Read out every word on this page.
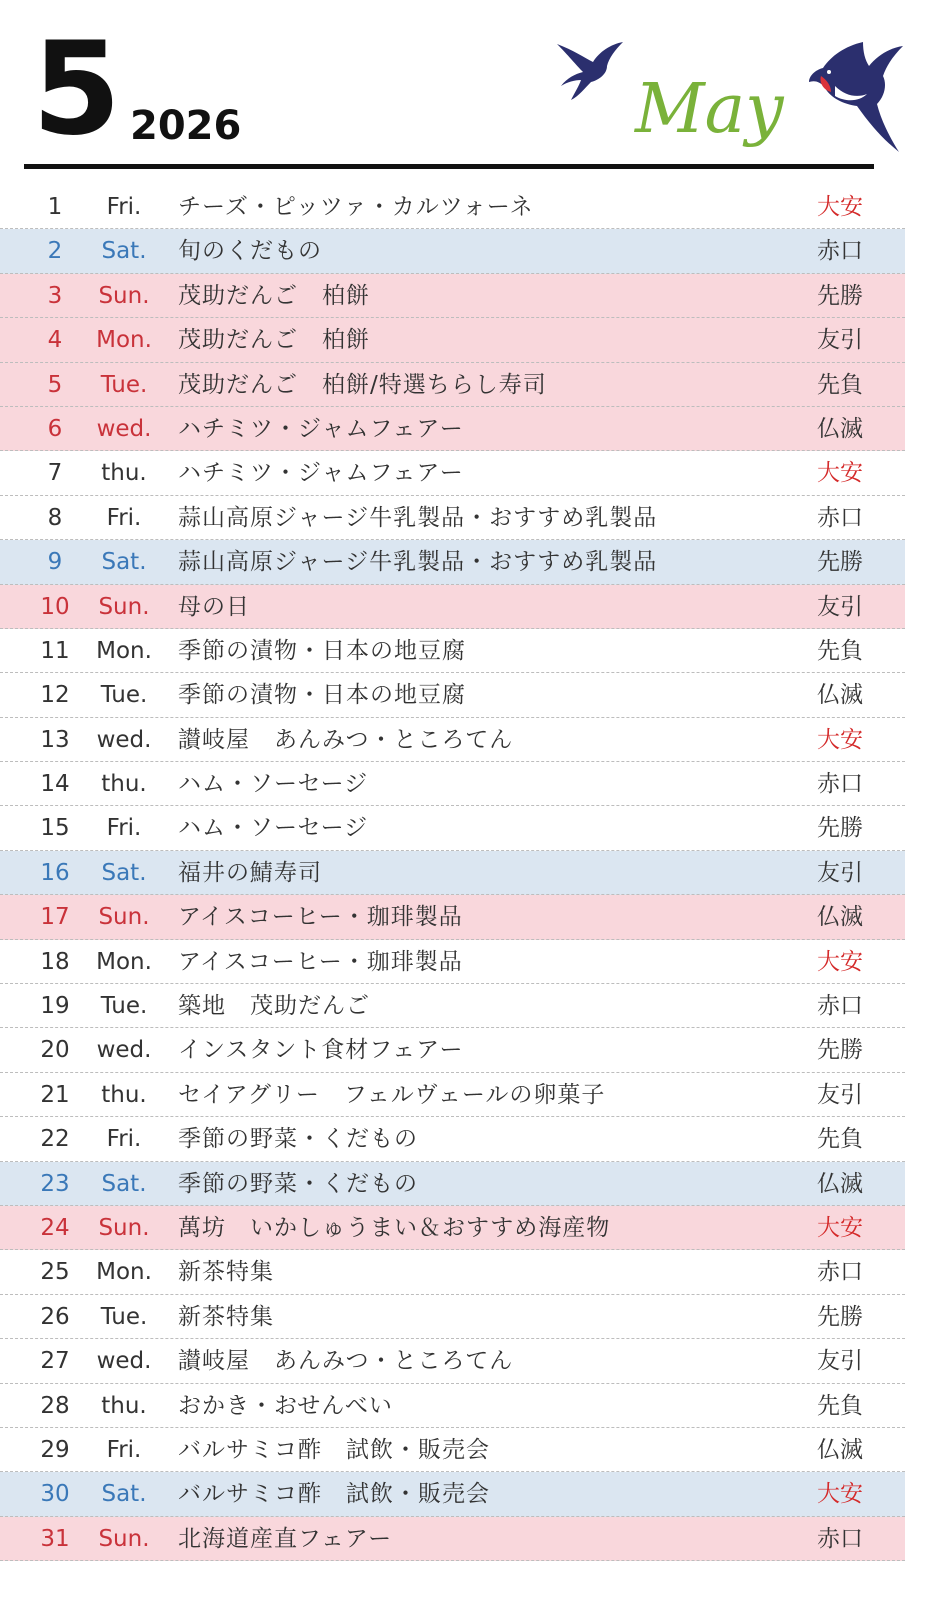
5 2026	May
1	Fri.	チーズ・ピッツァ・カルツォーネ	大安
2	Sat.	旬のくだもの	赤口
3	Sun.	茂助だんご　柏餅	先勝
4	Mon.	茂助だんご　柏餅	友引
5	Tue.	茂助だんご　柏餅/特選ちらし寿司	先負
6	wed.	ハチミツ・ジャムフェアー	仏滅
7	thu.	ハチミツ・ジャムフェアー	大安
8	Fri.	蒜山高原ジャージ牛乳製品・おすすめ乳製品	赤口
9	Sat.	蒜山高原ジャージ牛乳製品・おすすめ乳製品	先勝
10	Sun.	母の日	友引
11	Mon.	季節の漬物・日本の地豆腐	先負
12	Tue.	季節の漬物・日本の地豆腐	仏滅
13	wed.	讃岐屋　あんみつ・ところてん	大安
14	thu.	ハム・ソーセージ	赤口
15	Fri.	ハム・ソーセージ	先勝
16	Sat.	福井の鯖寿司	友引
17	Sun.	アイスコーヒー・珈琲製品	仏滅
18	Mon.	アイスコーヒー・珈琲製品	大安
19	Tue.	築地　茂助だんご	赤口
20	wed.	インスタント食材フェアー	先勝
21	thu.	セイアグリー　フェルヴェールの卵菓子	友引
22	Fri.	季節の野菜・くだもの	先負
23	Sat.	季節の野菜・くだもの	仏滅
24	Sun.	萬坊　いかしゅうまい＆おすすめ海産物	大安
25	Mon.	新茶特集	赤口
26	Tue.	新茶特集	先勝
27	wed.	讃岐屋　あんみつ・ところてん	友引
28	thu.	おかき・おせんべい	先負
29	Fri.	バルサミコ酢　試飲・販売会	仏滅
30	Sat.	バルサミコ酢　試飲・販売会	大安
31	Sun.	北海道産直フェアー	赤口
